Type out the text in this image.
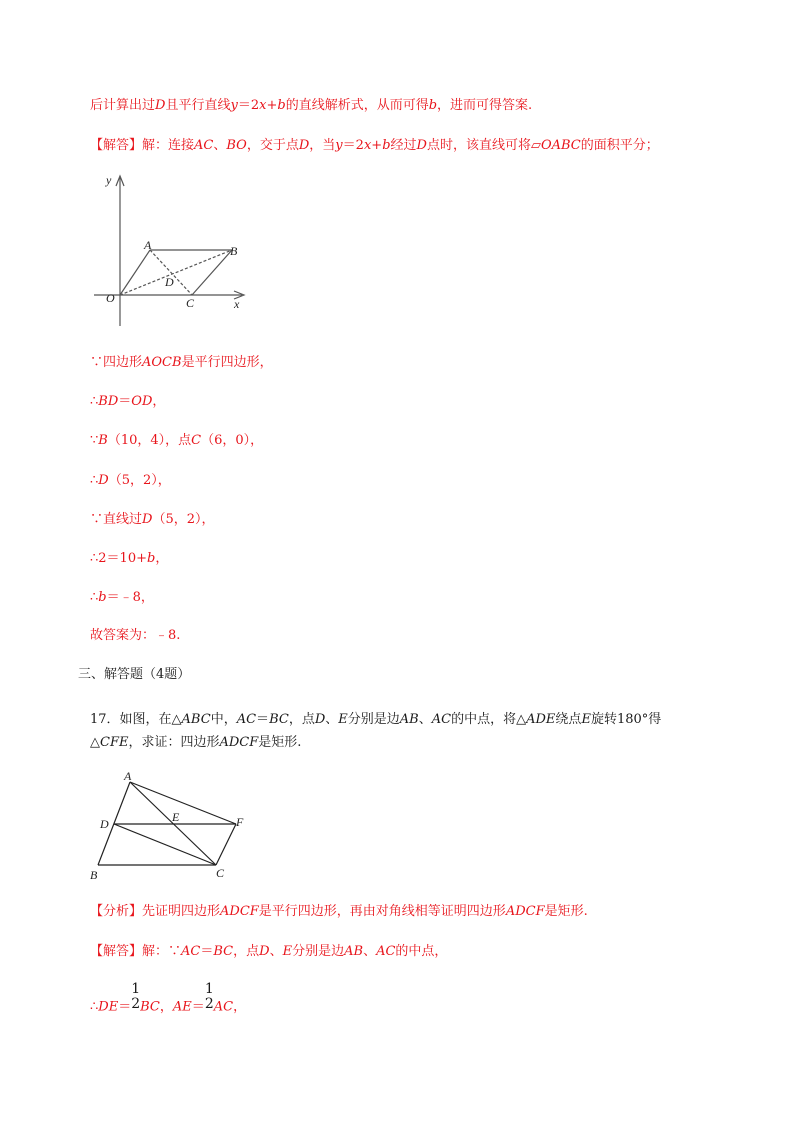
后计算出过D且平行直线y＝2x+b的直线解析式，从而可得b，进而可得答案.
【解答】解：连接AC、BO，交于点D，当y＝2x+b经过D点时，该直线可将▱OABC的面积平分；
y
x
O
A	B
C
D
∵四边形AOCB是平行四边形，
∴BD＝OD，
∵B（10，4），点C（6，0），
∴D（5，2），
∵直线过D（5，2），
∴2＝10+b，
∴b＝﹣8，
故答案为：﹣8.
三、解答题（4题）
17．如图，在△ABC中，AC＝BC，点D、E分别是边AB、AC的中点，将△ADE绕点E旋转180°得
△CFE，求证：四边形ADCF是矩形.
A
B	C
D	E	F
【分析】先证明四边形ADCF是平行四边形，再由对角线相等证明四边形ADCF是矩形.
【解答】解：∵AC＝BC，点D、E分别是边AB、AC的中点，
∴DE＝
1
2 BC，AE＝
1
2 AC，
